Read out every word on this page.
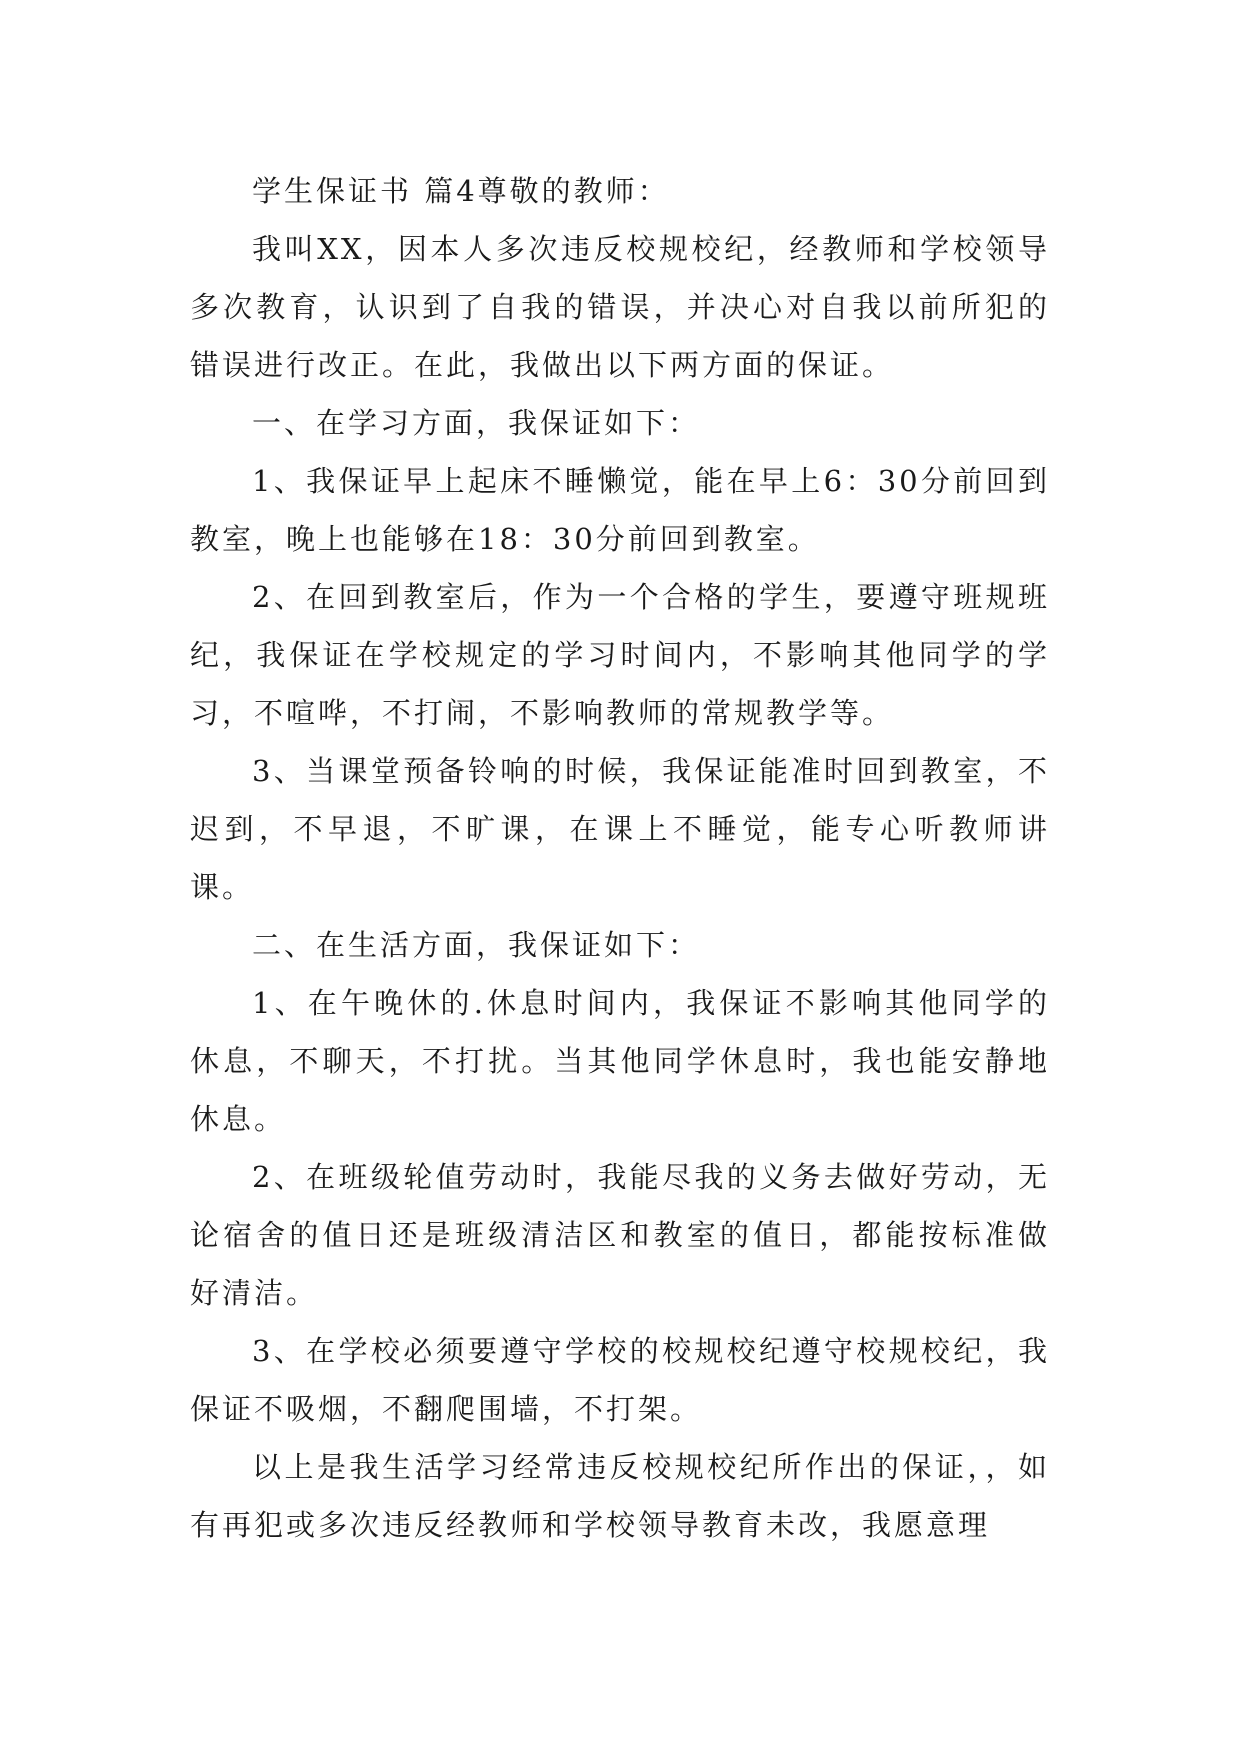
学生保证书 篇4尊敬的教师：

我叫XX，因本人多次违反校规校纪，经教师和学校领导多次教育，认识到了自我的错误，并决心对自我以前所犯的错误进行改正。在此，我做出以下两方面的保证。

一、在学习方面，我保证如下：

1、我保证早上起床不睡懒觉，能在早上6：30分前回到教室，晚上也能够在18：30分前回到教室。

2、在回到教室后，作为一个合格的学生，要遵守班规班纪，我保证在学校规定的学习时间内，不影响其他同学的学习，不喧哗，不打闹，不影响教师的常规教学等。

3、当课堂预备铃响的时候，我保证能准时回到教室，不迟到，不早退，不旷课，在课上不睡觉，能专心听教师讲课。

二、在生活方面，我保证如下：

1、在午晚休的.休息时间内，我保证不影响其他同学的休息，不聊天，不打扰。当其他同学休息时，我也能安静地休息。

2、在班级轮值劳动时，我能尽我的义务去做好劳动，无论宿舍的值日还是班级清洁区和教室的值日，都能按标准做好清洁。

3、在学校必须要遵守学校的校规校纪遵守校规校纪，我保证不吸烟，不翻爬围墙，不打架。

以上是我生活学习经常违反校规校纪所作出的保证，，如有再犯或多次违反经教师和学校领导教育未改，我愿意理
